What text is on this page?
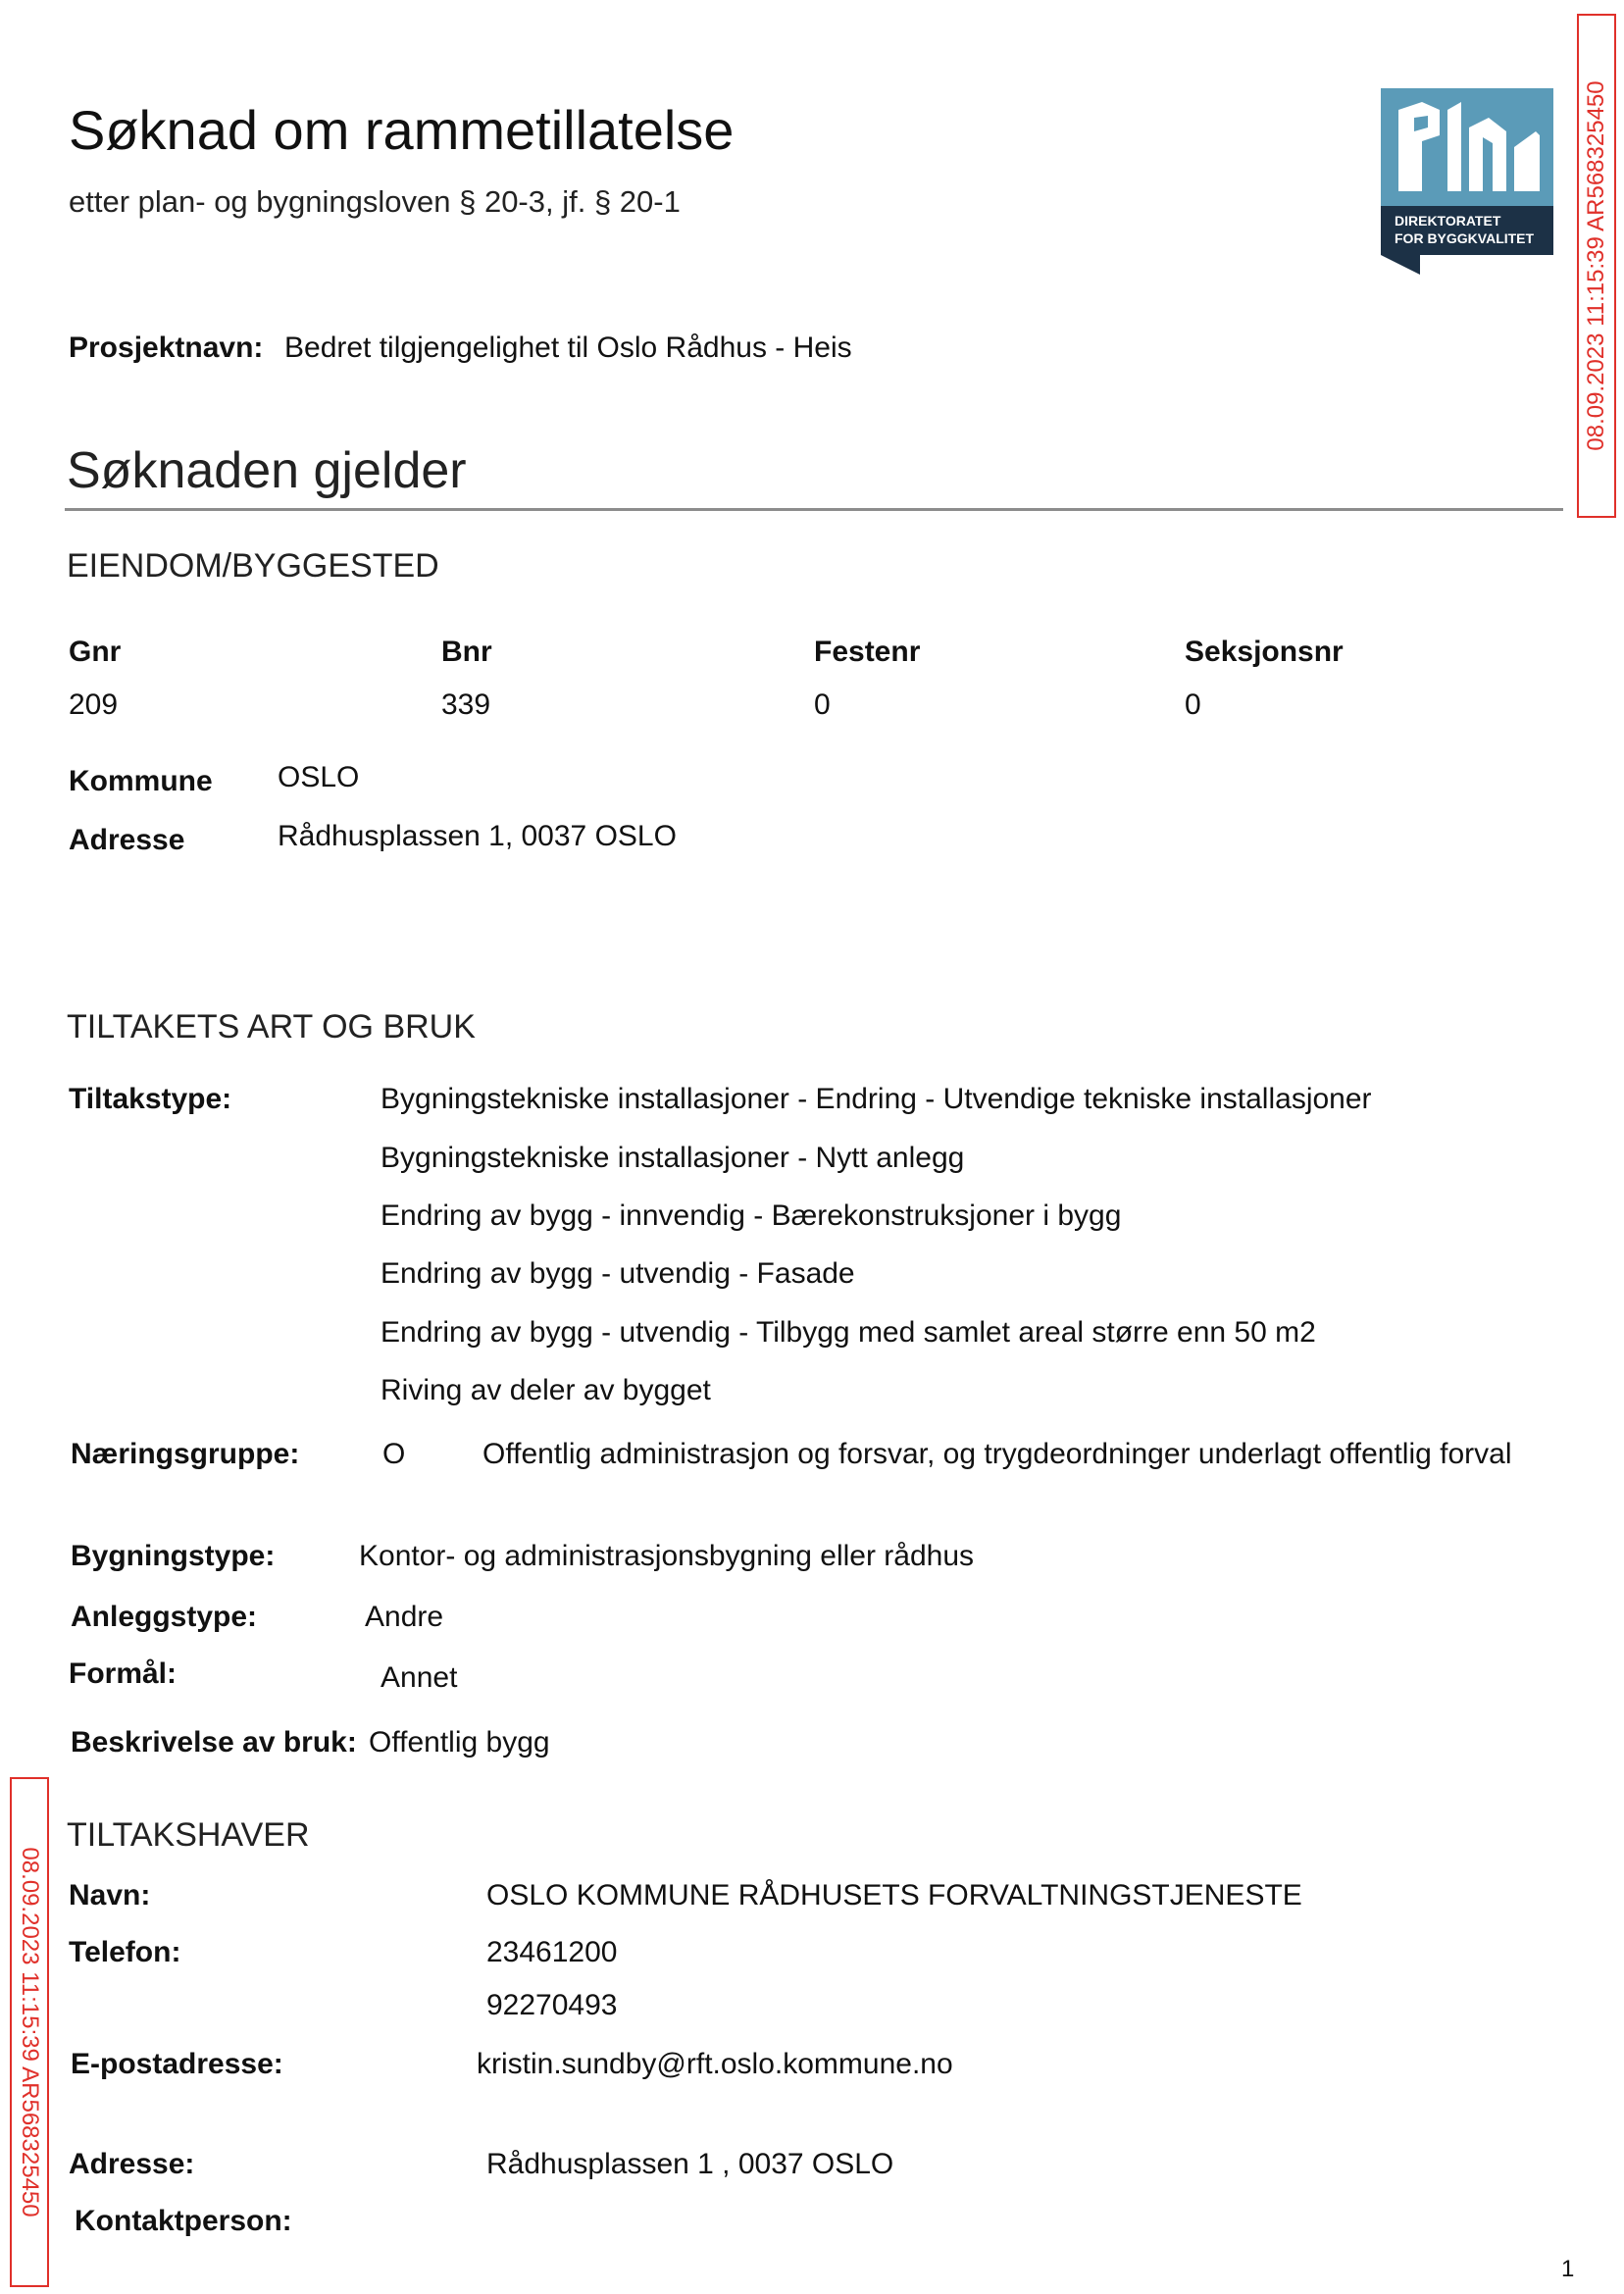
Søknad om rammetillatelse
etter plan- og bygningsloven § 20-3, jf. § 20-1
DIREKTORATET
FOR BYGGKVALITET 08.09.2023 11:15:39 AR568325450
08.09.2023 11:15:39 AR568325450
Prosjektnavn: Bedret tilgjengelighet til Oslo Rådhus - Heis
Søknaden gjelder
EIENDOM/BYGGESTED
Gnr	Bnr	Festenr	Seksjonsnr
209	339	0	0
Kommune OSLO
Adresse	Rådhusplassen 1, 0037 OSLO
TILTAKETS ART OG BRUK
Tiltakstype:	Bygningstekniske installasjoner - Endring - Utvendige tekniske installasjoner
Bygningstekniske installasjoner - Nytt anlegg
Endring av bygg - innvendig - Bærekonstruksjoner i bygg
Endring av bygg - utvendig - Fasade
Endring av bygg - utvendig - Tilbygg med samlet areal større enn 50 m2
Riving av deler av bygget
Næringsgruppe:	O	Offentlig administrasjon og forsvar, og trygdeordninger underlagt offentlig forval
Bygningstype:	Kontor- og administrasjonsbygning eller rådhus
Anleggstype:	Andre
Formål:	Annet
Beskrivelse av bruk: Offentlig bygg
TILTAKSHAVER
Navn:	OSLO KOMMUNE RÅDHUSETS FORVALTNINGSTJENESTE
Telefon:	23461200
92270493
E-postadresse:	kristin.sundby@rft.oslo.kommune.no
Adresse:	Rådhusplassen 1 , 0037 OSLO
Kontaktperson:
1
